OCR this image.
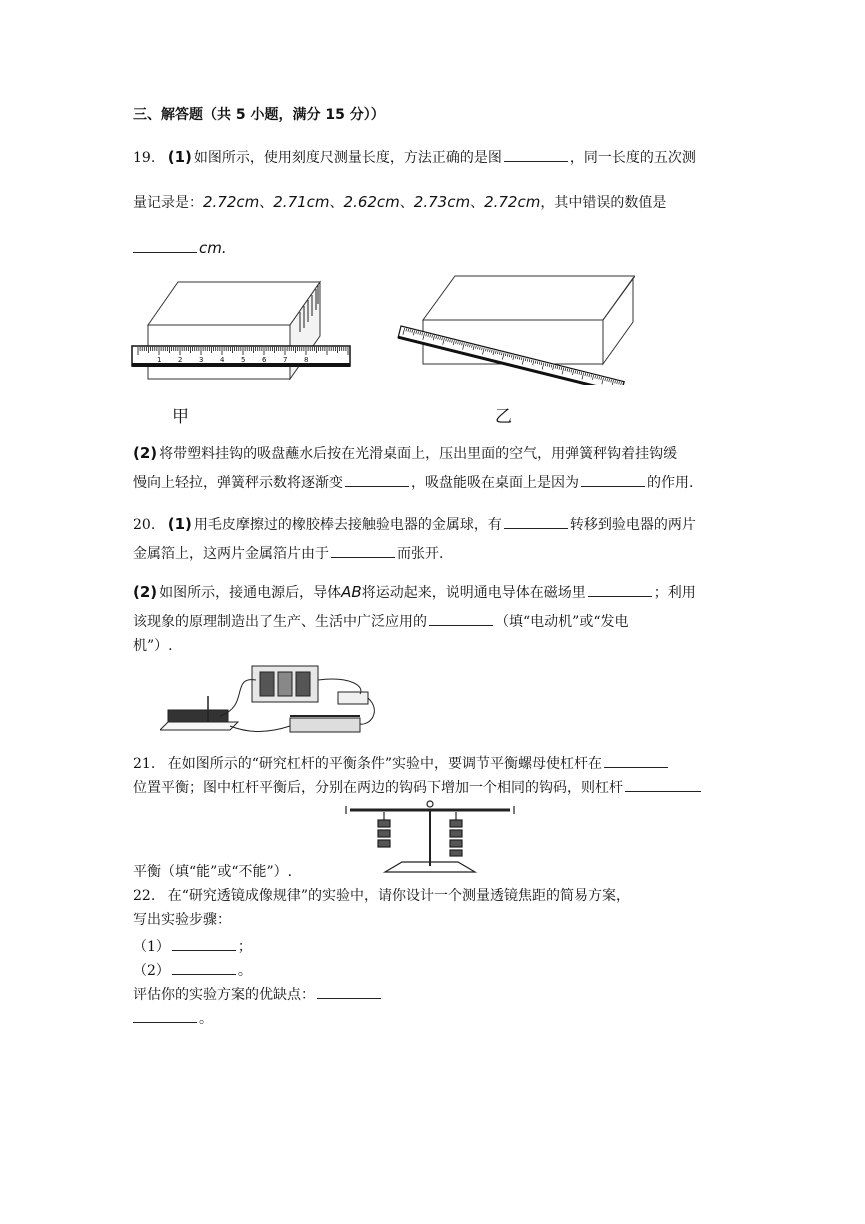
三、解答题（共 5 小题，满分 15 分））
19. (1) 如图所示，使用刻度尺测量长度，方法正确的是图	，同一长度的五次测
量记录是：2.72cm、2.71cm、2.62cm、2.73cm、2.72cm，其中错误的数值是
cm.
1 2 3 4 5 6 7 8
甲	乙
(2) 将带塑料挂钩的吸盘蘸水后按在光滑桌面上，压出里面的空气，用弹簧秤钩着挂钩缓
慢向上轻拉，弹簧秤示数将逐渐变	，吸盘能吸在桌面上是因为	的作用.
20. (1) 用毛皮摩擦过的橡胶棒去接触验电器的金属球，有	转移到验电器的两片
金属箔上，这两片金属箔片由于	而张开.
(2) 如图所示，接通电源后，导体AB将运动起来，说明通电导体在磁场里	；利用
该现象的原理制造出了生产、生活中广泛应用的	（填“电动机”或“发电
机”）.
21. 在如图所示的“研究杠杆的平衡条件”实验中，要调节平衡螺母使杠杆在
位置平衡；图中杠杆平衡后，分别在两边的钩码下增加一个相同的钩码，则杠杆
平衡（填“能”或“不能”）.
22. 在“研究透镜成像规律”的实验中，请你设计一个测量透镜焦距的简易方案，
写出实验步骤：
（1）	；
（2）	。
评估你的实验方案的优缺点：
。
